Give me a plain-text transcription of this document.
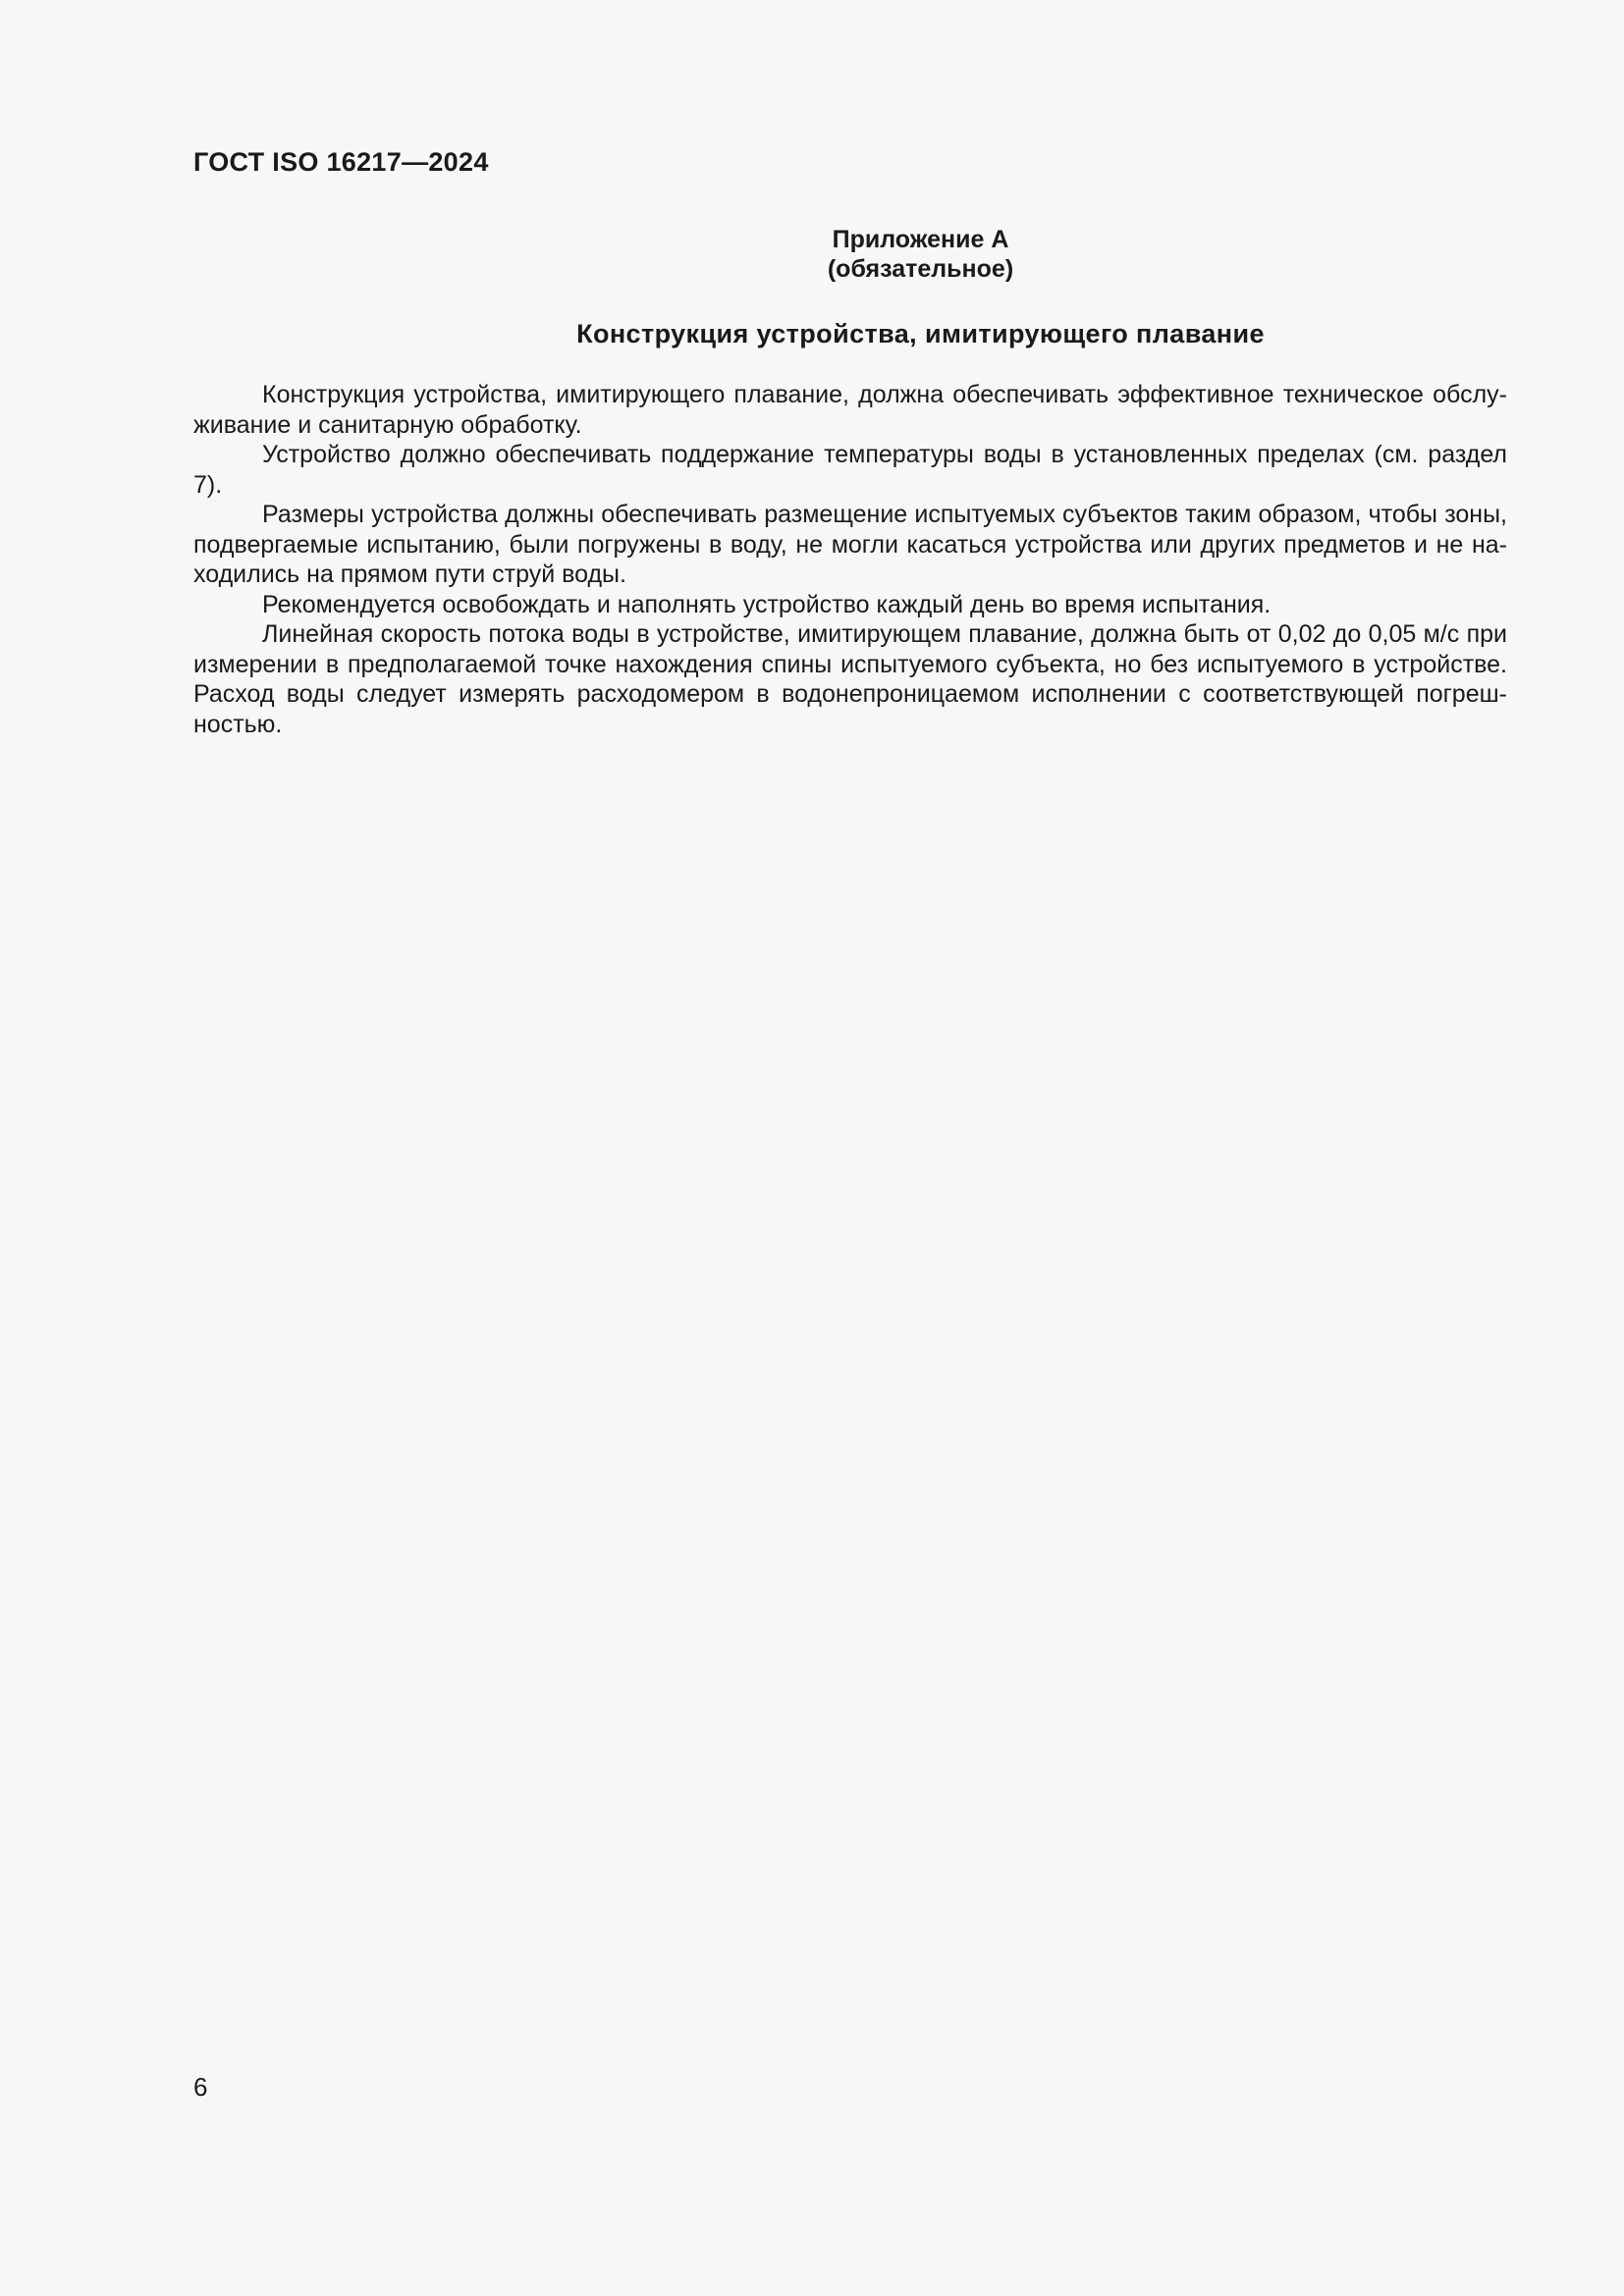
ГОСТ ISO 16217—2024
Приложение А
(обязательное)
Конструкция устройства, имитирующего плавание

Конструкция устройства, имитирующего плавание, должна обеспечивать эффективное техническое обслуживание и санитарную обработку.

Устройство должно обеспечивать поддержание температуры воды в установленных пределах (см. раздел 7).

Размеры устройства должны обеспечивать размещение испытуемых субъектов таким образом, чтобы зоны, подвергаемые испытанию, были погружены в воду, не могли касаться устройства или других предметов и не находились на прямом пути струй воды.

Рекомендуется освобождать и наполнять устройство каждый день во время испытания.

Линейная скорость потока воды в устройстве, имитирующем плавание, должна быть от 0,02 до 0,05 м/с при измерении в предполагаемой точке нахождения спины испытуемого субъекта, но без испытуемого в устройстве. Расход воды следует измерять расходомером в водонепроницаемом исполнении с соответствующей погрешностью.

6
